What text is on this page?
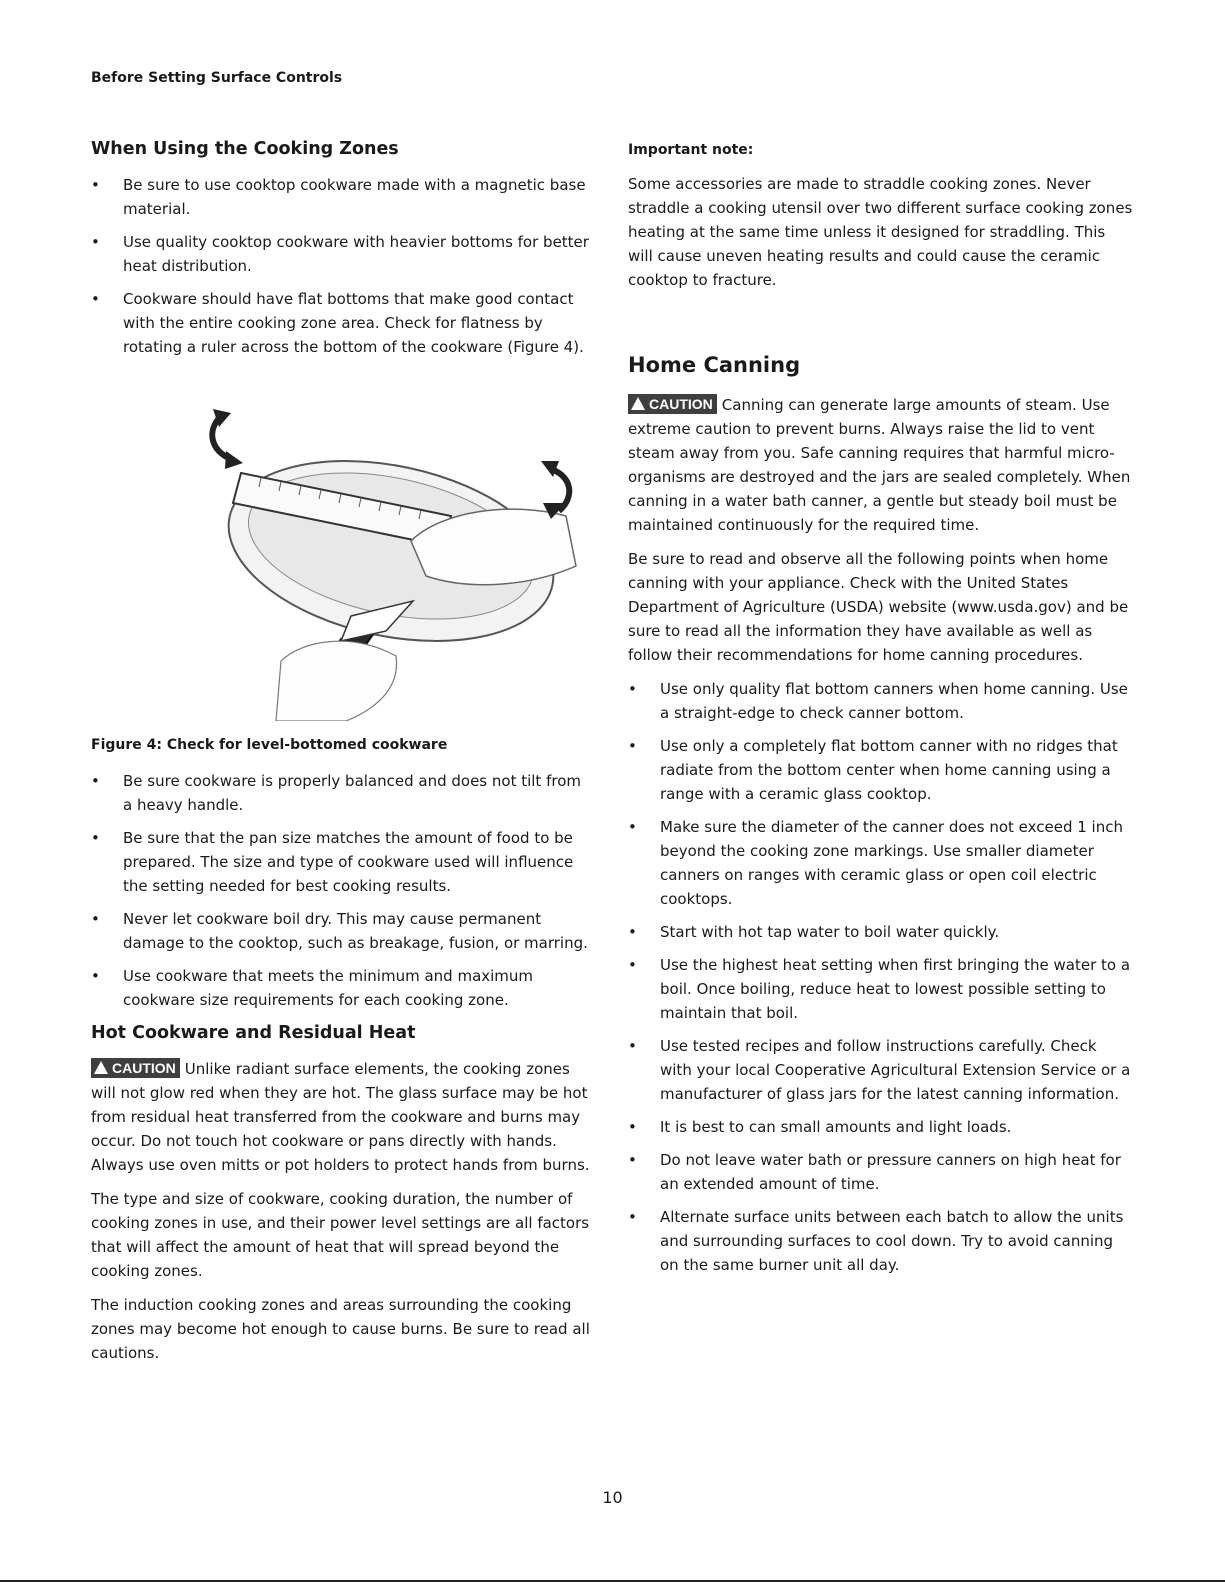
Before Setting Surface Controls
When Using the Cooking Zones
•	Be sure to use cooktop cookware made with a magnetic base material.
•	Use quality cooktop cookware with heavier bottoms for better heat distribution.
•	Cookware should have flat bottoms that make good contact with the entire cooking zone area. Check for flatness by rotating a ruler across the bottom of the cookware (Figure 4).
Figure 4: Check for level-bottomed cookware
•	Be sure cookware is properly balanced and does not tilt from a heavy handle.
•	Be sure that the pan size matches the amount of food to be prepared. The size and type of cookware used will influence the setting needed for best cooking results.
•	Never let cookware boil dry. This may cause permanent damage to the cooktop, such as breakage, fusion, or marring.
•	Use cookware that meets the minimum and maximum cookware size requirements for each cooking zone.
Hot Cookware and Residual Heat

CAUTION Unlike radiant surface elements, the cooking zones will not glow red when they are hot. The glass surface may be hot from residual heat transferred from the cookware and burns may occur. Do not touch hot cookware or pans directly with hands. Always use oven mitts or pot holders to protect hands from burns.

The type and size of cookware, cooking duration, the number of cooking zones in use, and their power level settings are all factors that will affect the amount of heat that will spread beyond the cooking zones.

The induction cooking zones and areas surrounding the cooking zones may become hot enough to cause burns. Be sure to read all cautions.

Important note:

Some accessories are made to straddle cooking zones. Never straddle a cooking utensil over two different surface cooking zones heating at the same time unless it designed for straddling. This will cause uneven heating results and could cause the ceramic cooktop to fracture.

Home Canning

CAUTION Canning can generate large amounts of steam. Use extreme caution to prevent burns. Always raise the lid to vent steam away from you. Safe canning requires that harmful micro-organisms are destroyed and the jars are sealed completely. When canning in a water bath canner, a gentle but steady boil must be maintained continuously for the required time.

Be sure to read and observe all the following points when home canning with your appliance. Check with the United States Department of Agriculture (USDA) website (www.usda.gov) and be sure to read all the information they have available as well as follow their recommendations for home canning procedures.

•	Use only quality flat bottom canners when home canning. Use a straight-edge to check canner bottom.
•	Use only a completely flat bottom canner with no ridges that radiate from the bottom center when home canning using a range with a ceramic glass cooktop.
•	Make sure the diameter of the canner does not exceed 1 inch beyond the cooking zone markings. Use smaller diameter canners on ranges with ceramic glass or open coil electric cooktops.
•	Start with hot tap water to boil water quickly.
•	Use the highest heat setting when first bringing the water to a boil. Once boiling, reduce heat to lowest possible setting to maintain that boil.
•	Use tested recipes and follow instructions carefully. Check with your local Cooperative Agricultural Extension Service or a manufacturer of glass jars for the latest canning information.
•	It is best to can small amounts and light loads.
•	Do not leave water bath or pressure canners on high heat for an extended amount of time.
•	Alternate surface units between each batch to allow the units and surrounding surfaces to cool down. Try to avoid canning on the same burner unit all day.
10
